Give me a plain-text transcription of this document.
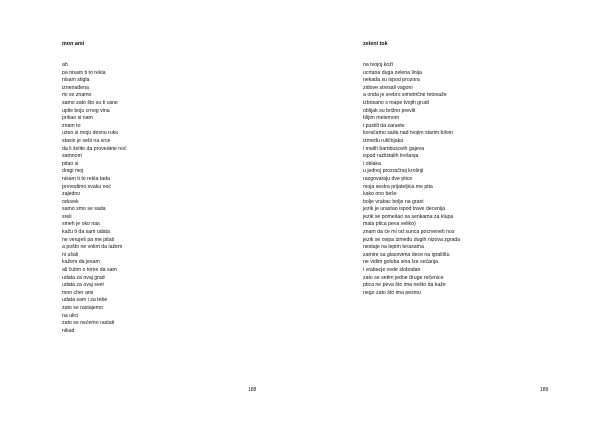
mon ami

ah
pa nisam ti to rekla
nisam stigla
iznenađena
mi se znamo
samo zato što su ti usne
upile boju crnog vina
prišao si nam
znam to
uzeo si moju desnu ruku
stavio je sebi na srce
da li želite da provedete noć
samnom
pitao si
dragi moj
nisam ti to rekla tada
provodimo svaku noć
zajedno
oduvek
samo smo se sada
sreli
smeh je oko nas
kažu ti da sam udata
ne veruješ pa me pitaš
a pošto ne volim da lažem
ni ušali
kažem da jesam
ali čutim o tome da sam
udata za ovaj grad
udata za ovaj svet
mon cher ami
udata sam i za tebe
zato se rastajemo
na ulici
zato se nećemo rastati
nikad
188

zeleni tok

na tvojoj koži
ucrtana duga zelena linija
nekada su ispod prozora
zidove stresali vagoni
a onda je srebro simetrične tetovaže
izbrisano s mape tvojih grudi
oblijak su brižno previli
blijim melemom
i pustili da zaraste
koračamo sada nad tvojim starim bilom
između ruličnjaka
i malih bambusovih gajeva
ispod razlistalih trešanja
i oblaka
u jednoj prozračnoj krošnji
razgovaraju dve ptice
moja sestra prijateljica me pita
kako ono beše
bolje vrabac bolje na grani
jezik je urastao ispod trave decenija
jezik se pomešao sa senkama za klupa
mala ptica peva veliko)
znam da će mi od sunca pocrveneti nos
jezik se osipa između dugih nizova zgrada
nestaje na lepim terasama
zamire sa glasovima dece na igralištu
ne vidim goluba sina Ize sećanja
i vrabacje ovde slobodan
zato se setim jedne druge rečenice
ptica ne peva što ima nešto da kaže
nego zato što ima pesmu
189
